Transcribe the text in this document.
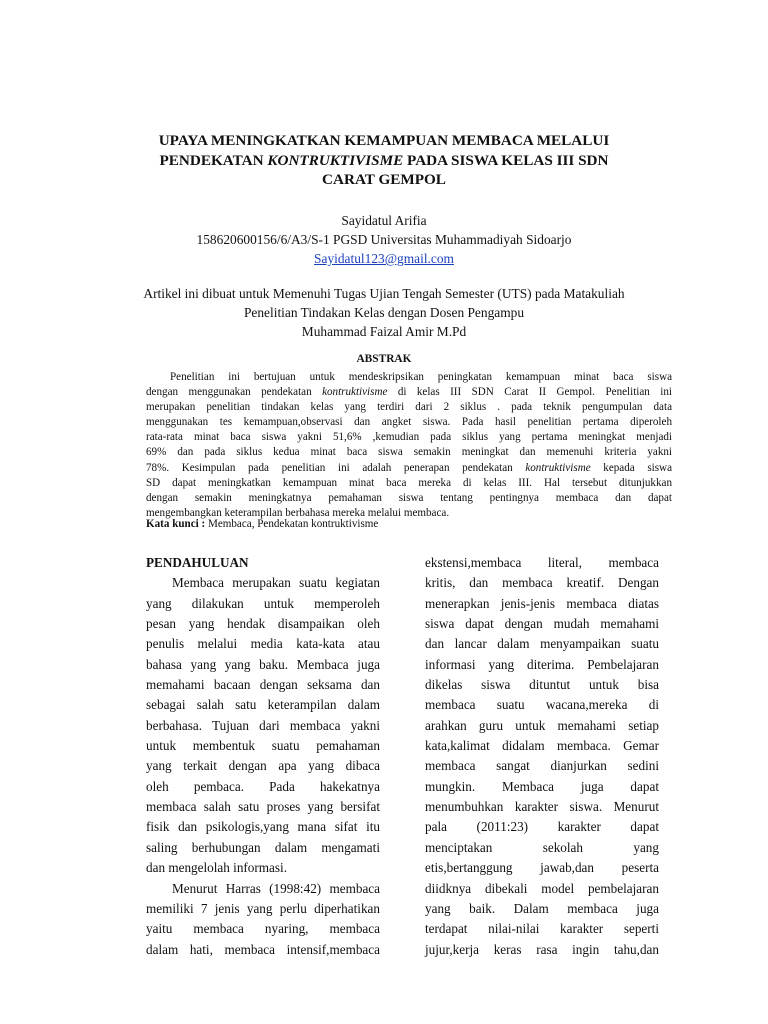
UPAYA MENINGKATKAN KEMAMPUAN MEMBACA MELALUI
PENDEKATAN KONTRUKTIVISME PADA SISWA KELAS III SDN
CARAT GEMPOL
Sayidatul Arifia
158620600156/6/A3/S-1 PGSD Universitas Muhammadiyah Sidoarjo
Sayidatul123@gmail.com
Artikel ini dibuat untuk Memenuhi Tugas Ujian Tengah Semester (UTS) pada Matakuliah
Penelitian Tindakan Kelas dengan Dosen Pengampu
Muhammad Faizal Amir M.Pd
ABSTRAK
Penelitian ini bertujuan untuk mendeskripsikan peningkatan kemampuan minat baca siswa
dengan menggunakan pendekatan kontruktivisme di kelas III SDN Carat II Gempol. Penelitian ini
merupakan penelitian tindakan kelas yang terdiri dari 2 siklus . pada teknik pengumpulan data
menggunakan tes kemampuan,observasi dan angket siswa. Pada hasil penelitian pertama diperoleh
rata-rata minat baca siswa yakni 51,6% ,kemudian pada siklus yang pertama meningkat menjadi
69% dan pada siklus kedua minat baca siswa semakin meningkat dan memenuhi kriteria yakni
78%. Kesimpulan pada penelitian ini adalah penerapan pendekatan kontruktivisme kepada siswa
SD dapat meningkatkan kemampuan minat baca mereka di kelas III. Hal tersebut ditunjukkan
dengan semakin meningkatnya pemahaman siswa tentang pentingnya membaca dan dapat
mengembangkan keterampilan berbahasa mereka melalui membaca.
Kata kunci : Membaca, Pendekatan kontruktivisme
PENDAHULUAN
Membaca merupakan suatu kegiatan
yang dilakukan untuk memperoleh
pesan yang hendak disampaikan oleh
penulis melalui media kata-kata atau
bahasa yang yang baku. Membaca juga
memahami bacaan dengan seksama dan
sebagai salah satu keterampilan dalam
berbahasa. Tujuan dari membaca yakni
untuk membentuk suatu pemahaman
yang terkait dengan apa yang dibaca
oleh pembaca. Pada hakekatnya
membaca salah satu proses yang bersifat
fisik dan psikologis,yang mana sifat itu
saling berhubungan dalam mengamati
dan mengelolah informasi.
Menurut Harras (1998:42) membaca
memiliki 7 jenis yang perlu diperhatikan
yaitu membaca nyaring, membaca
dalam hati, membaca intensif,membaca
ekstensi,membaca literal, membaca
kritis, dan membaca kreatif. Dengan
menerapkan jenis-jenis membaca diatas
siswa dapat dengan mudah memahami
dan lancar dalam menyampaikan suatu
informasi yang diterima. Pembelajaran
dikelas siswa dituntut untuk bisa
membaca suatu wacana,mereka di
arahkan guru untuk memahami setiap
kata,kalimat didalam membaca. Gemar
membaca sangat dianjurkan sedini
mungkin. Membaca juga dapat
menumbuhkan karakter siswa. Menurut
pala (2011:23) karakter dapat
menciptakan sekolah yang
etis,bertanggung jawab,dan peserta
diidknya dibekali model pembelajaran
yang baik. Dalam membaca juga
terdapat nilai-nilai karakter seperti
jujur,kerja keras rasa ingin tahu,dan
